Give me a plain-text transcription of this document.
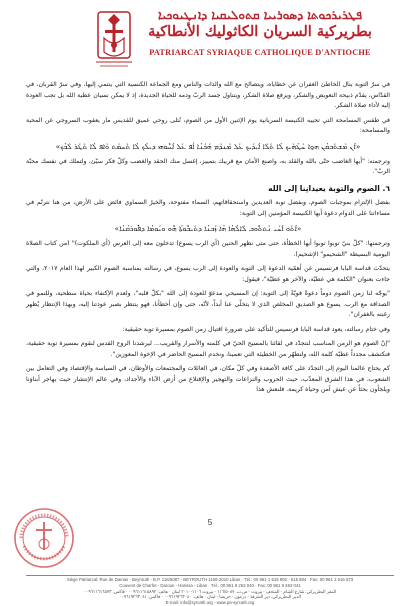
ܦܛܪܝܪܟܘܬܐ ܕܣܘܪܝܝܐ ܩܬܘܠܝܩܝܐ ܕܐܢܛܝܘܟܝܐ
بطريركية السريان الكاثوليك الأنطاكية
PATRIARCAT SYRIAQUE CATHOLIQUE D'ANTIOCHE

في سرّ التوبة ينال الخاطئ الغفران عن خطاياه، ويتصالح مع الله والذات والناس ومع الجماعة الكنسية التي ينتمي إليها، وفي سرّ القربان، في القدّاس، يقدّم ذبيحة التعويض والشكر، ويرفع صلاة الشكر، ويتناول جسد الربّ ودمه للحياة الجديدة، إذ لا يمكن نسيان عطية الله بل تجب العودة إليه لأداء صلاة الشكر.

في طقس المسامحة التي تحييه الكنيسة السريانية يوم الإثنين الأول من الصوم، نُتلى روحي عميق للقديس مار يعقوب السروجي عن المحبة والمسامحة:

«ܐܶܢ ܡܶܫܬܰܒܩܳܢ ܗ̱ܘܐ ܚܰܛܳܗܶܝܟ ܠܳܐ ܬܰܠܶܐ ܐܰܝܕܰܝܟ ܥܰܠ ܡܶܢܕܶܡ ܗܰܟܰܢܳܐ ܐܳܦ ܥܰܠ ܐܰܚܽܘܗܝ ܕܝܠܳܟ ܠܳܐ ܬܶܚܡܰܬ ܘܰܐܦ ܠܳܐ ܬܶܛܰܪ ܠܶܒܳܟ»

وترجمته: "أيها الغاضب حتّى بالله والقلد به، واصنع الأمان مع قريبك بتمييز، إغسل منك الحقد والغضب وكلّ فكر سيّئ، ولتملك في نفسك محبّة الربّ".

٦. الصوم والتوبة يعيدانِنا إلى الله

بفضل الإلتزام بموجبات الصوم، وبفضل توبة العديدين واستحقاقاتهم، السماء مفتوحة، والخيرُ السماوي فائض على الأرض، من هنا نترنّم في مساءاتنا على الدوام دعوة أيها الكنيسة المؤمنين إلى التوبة:

«ܐܶܬܰܘ ܐܰܚܰܝ ܢܶܬܬܽܘܒ ܠܰܐܠܳܗܳܐ ܗܳܐ ܙܰܒܢܳܐ ܕܬܰܝܒܽܘܬܳܐ ܗܽܘ ܘܝܰܘܡܳܐ ܕܦܽܘܪܩܳܢܳܐ»

وترجمتها: "كلّ بنيّ توبوا توبوا أيها الخطأة، حتى متى نظهر الحنين (أي الرب يسوع) تدخلون معه إلى العرس (أي الملكوت)" (من كتاب الصلاة اليومية البسيطة "الشحيمو" الإشحيم).

يتحدّث قداسة البابا فرنسيس عن أهمّية الدعوة إلى التوبة والعودة إلى الرب يسوع، في رسالته بمناسبة الصوم الكبير لهذا العام ٢٠١٧، والتي جاءت بعنوان "الكلمة هي عطيّة، والآخر هو عطيّة"، فيقول:

"يوجّه لنا زمن الصوم دوماً دعوةً قويّةً إلى التوبة: إن المسيحي مدعوّ للعودة إلى الله "بكلّ قلبه"، ولعدم الإكتفاء بحياة سطحية، وللنمو في الصداقة مع الرب. يسوع هو الصديق المخلص الذي لا يتخلّى عنا أبداً، لأنّه، حتى وإن أخطأنا، فهو ينتظر بصبر عودتنا إليه، وبهذا الإنتظار يُظهر رغبته بالغفران".

وفي ختام رسالته، يعود قداسة البابا فرنسيس للتأكيد على ضرورة اقتبال زمن الصوم بمسيرة توبة حقيقية:

"إنّ الصوم هو الزمن المناسب لنتجدّد في لقائنا بالمسيح الحيّ في كلمته والأسرار والقريب... ليرشدنا الروح القدس لنقوم بمسيرة توبة حقيقية، فنكتشف مجدداً عطيّة كلمة الله، ولنطهّر من الخطيئة التي تعمينا، ونخدم المسيح الحاضر في الإخوة المعوزين".

كم يحتاج عالمنا اليوم إلى التجدّد على كافة الأصعدة وفي كلّ مكان، في العائلات والمجتمعات والأوطان، في السياسة والإقتصاد وفي التعامل بين الشعوب، في هذا الشرق المعذّب، حيث الحروب والنزاعات والتهجير والإقتلاع من أرض الآباء والأجداد، وفي عالم الإنتشار حيث يهاجر أبناؤنا ويلجأون بحثاً عن عيش آمن وحياة كريمة. فلنعش هذا

5
Siège Patriarcal: Rue de Damas - Beyrouth - B.P. 116/5087 - BEYROUTH 1106-2010 Liban · Tél.: 00 961 1 615 892 - 615 894 · Fax: 00 961 1 616 573
Couvent de Charfet - Daroun - Harissa - Liban · Tél.: 00 961 9 263 040 · Fax: 00 961 9 263 041
المقر البطريركي: شارع الشام - المتحف - بيروت - ص.ب. ١١٦/٥٠٨٧ - بيروت ١١٠٦-٢٠١٠ لبنان · هاتف: ٠٠٩٦١١٦١٥٨٩٢ · فاكس: ٠٠٩٦١١٦١٦٥٧٣
الدير البطريركي، دير الشرفة - درعون - حريصا - لبنان · هاتف: ٠٠٩٦١٩٢٦٣٠٤٠ · فاكس: ٠٠٩٦١٩٢٦٣٠٤١
E-mail: info@syrcath.org - www.pa-syrcath.org
